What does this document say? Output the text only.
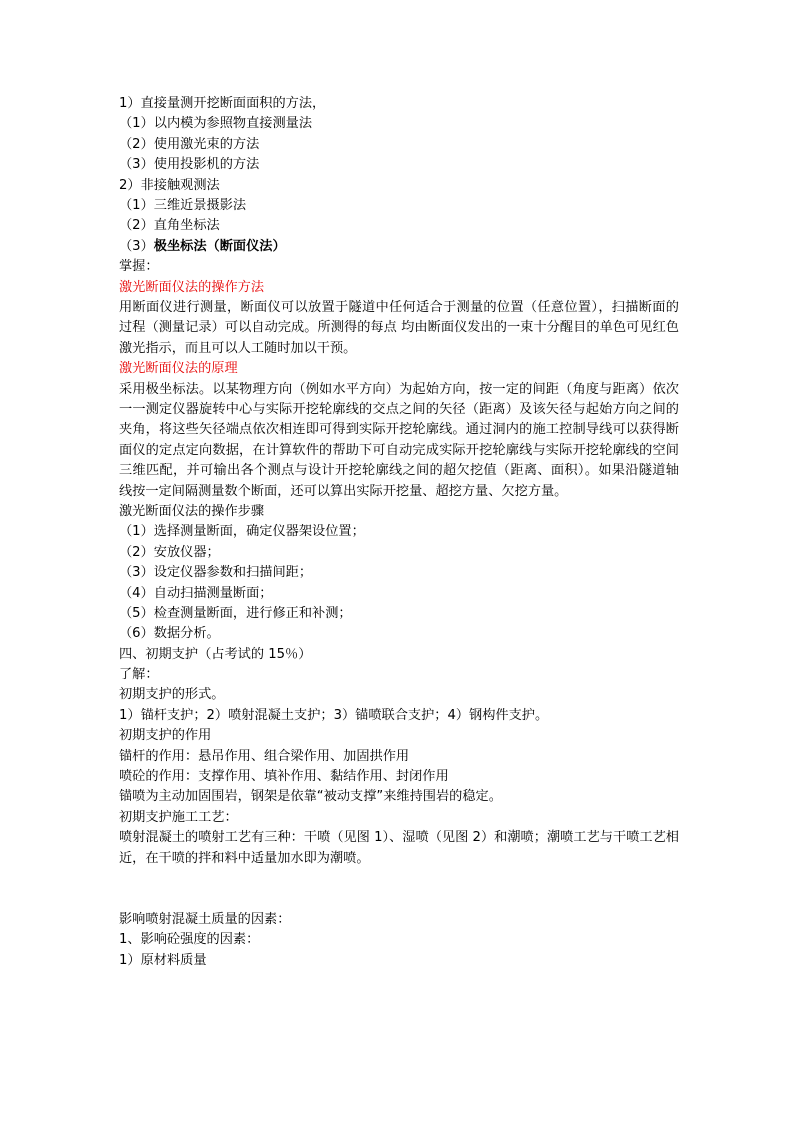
1）直接量测开挖断面面积的方法，
（1）以内模为参照物直接测量法
（2）使用激光束的方法
（3）使用投影机的方法
2）非接触观测法
（1）三维近景摄影法
（2）直角坐标法
（3）极坐标法（断面仪法）
掌握：
激光断面仪法的操作方法
用断面仪进行测量，断面仪可以放置于隧道中任何适合于测量的位置（任意位置），扫描断面的过程（测量记录）可以自动完成。所测得的每点 均由断面仪发出的一束十分醒目的单色可见红色激光指示，而且可以人工随时加以干预。
激光断面仪法的原理
采用极坐标法。以某物理方向（例如水平方向）为起始方向，按一定的间距（角度与距离）依次一一测定仪器旋转中心与实际开挖轮廓线的交点之间的矢径（距离）及该矢径与起始方向之间的夹角，将这些矢径端点依次相连即可得到实际开挖轮廓线。通过洞内的施工控制导线可以获得断面仪的定点定向数据，在计算软件的帮助下可自动完成实际开挖轮廓线与实际开挖轮廓线的空间三维匹配，并可输出各个测点与设计开挖轮廓线之间的超欠挖值（距离、面积）。如果沿隧道轴线按一定间隔测量数个断面，还可以算出实际开挖量、超挖方量、欠挖方量。
激光断面仪法的操作步骤
（1）选择测量断面，确定仪器架设位置；
（2）安放仪器；
（3）设定仪器参数和扫描间距；
（4）自动扫描测量断面；
（5）检查测量断面，进行修正和补测；
（6）数据分析。
四、初期支护（占考试的 15％）
了解：
初期支护的形式。
1）锚杆支护；2）喷射混凝土支护；3）锚喷联合支护；4）钢构件支护。
初期支护的作用
锚杆的作用：悬吊作用、组合梁作用、加固拱作用
喷砼的作用：支撑作用、填补作用、黏结作用、封闭作用
锚喷为主动加固围岩，钢架是依靠“被动支撑”来维持围岩的稳定。
初期支护施工工艺：
喷射混凝土的喷射工艺有三种：干喷（见图 1）、湿喷（见图 2）和潮喷；潮喷工艺与干喷工艺相近，在干喷的拌和料中适量加水即为潮喷。
影响喷射混凝土质量的因素：
1、影响砼强度的因素：
1）原材料质量
